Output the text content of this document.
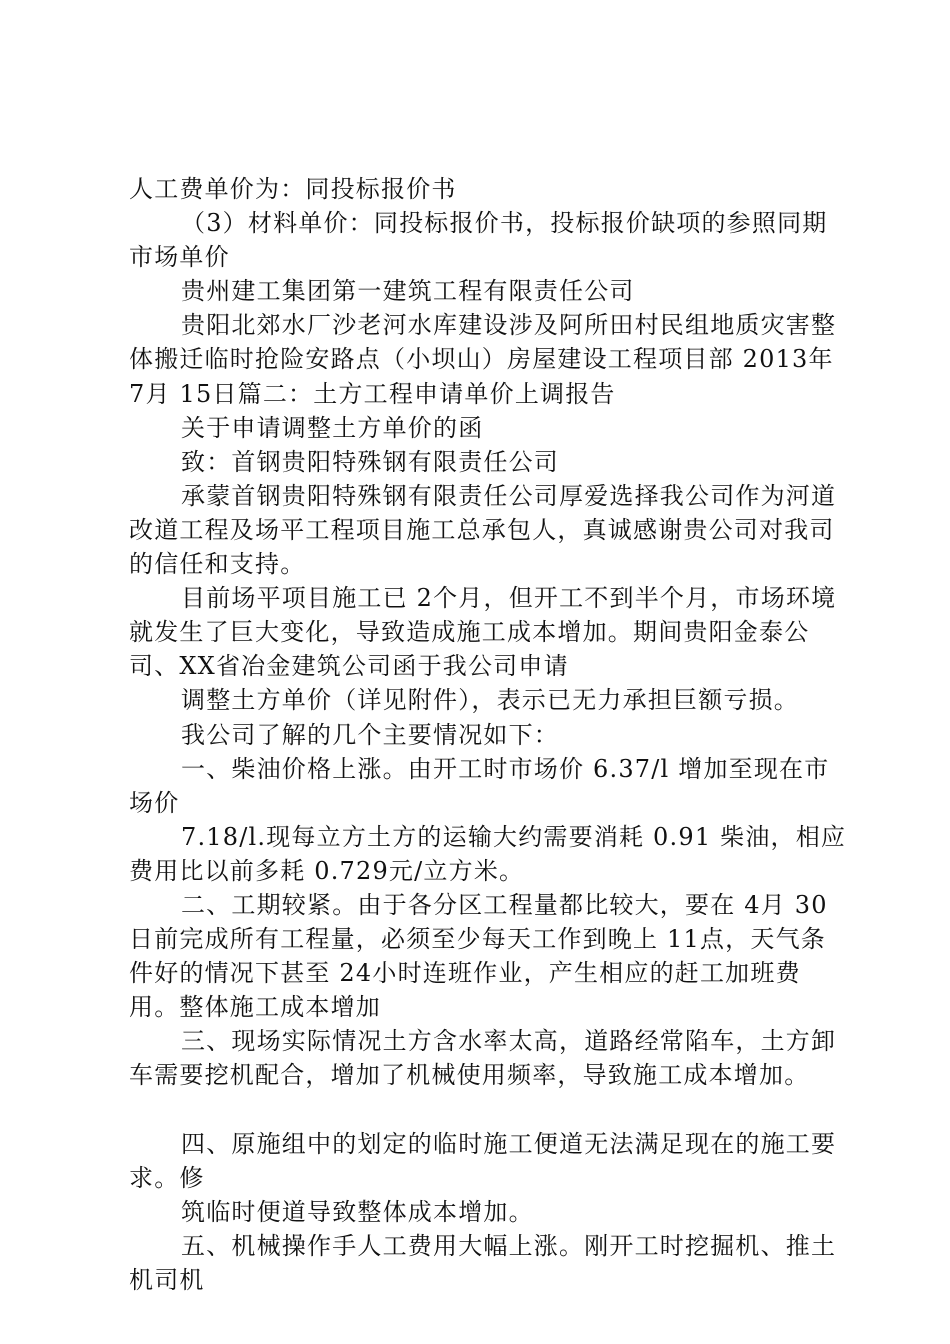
人工费单价为：同投标报价书

（3）材料单价：同投标报价书，投标报价缺项的参照同期市场单价

贵州建工集团第一建筑工程有限责任公司

贵阳北郊水厂沙老河水库建设涉及阿所田村民组地质灾害整体搬迁临时抢险安路点（小坝山）房屋建设工程项目部 2013年 7月 15日篇二：土方工程申请单价上调报告

关于申请调整土方单价的函

致：首钢贵阳特殊钢有限责任公司

承蒙首钢贵阳特殊钢有限责任公司厚爱选择我公司作为河道改道工程及场平工程项目施工总承包人，真诚感谢贵公司对我司的信任和支持。

目前场平项目施工已 2个月，但开工不到半个月，市场环境就发生了巨大变化，导致造成施工成本增加。期间贵阳金泰公司、XX省冶金建筑公司函于我公司申请

调整土方单价（详见附件），表示已无力承担巨额亏损。

我公司了解的几个主要情况如下：

一、柴油价格上涨。由开工时市场价 6.37/l 增加至现在市场价

7.18/l.现每立方土方的运输大约需要消耗 0.91 柴油，相应费用比以前多耗 0.729元/立方米。

二、工期较紧。由于各分区工程量都比较大，要在 4月 30日前完成所有工程量，必须至少每天工作到晚上 11点，天气条件好的情况下甚至 24小时连班作业，产生相应的赶工加班费用。整体施工成本增加

三、现场实际情况土方含水率太高，道路经常陷车，土方卸车需要挖机配合，增加了机械使用频率，导致施工成本增加。

四、原施组中的划定的临时施工便道无法满足现在的施工要求。修

筑临时便道导致整体成本增加。

五、机械操作手人工费用大幅上涨。刚开工时挖掘机、推土机司机
